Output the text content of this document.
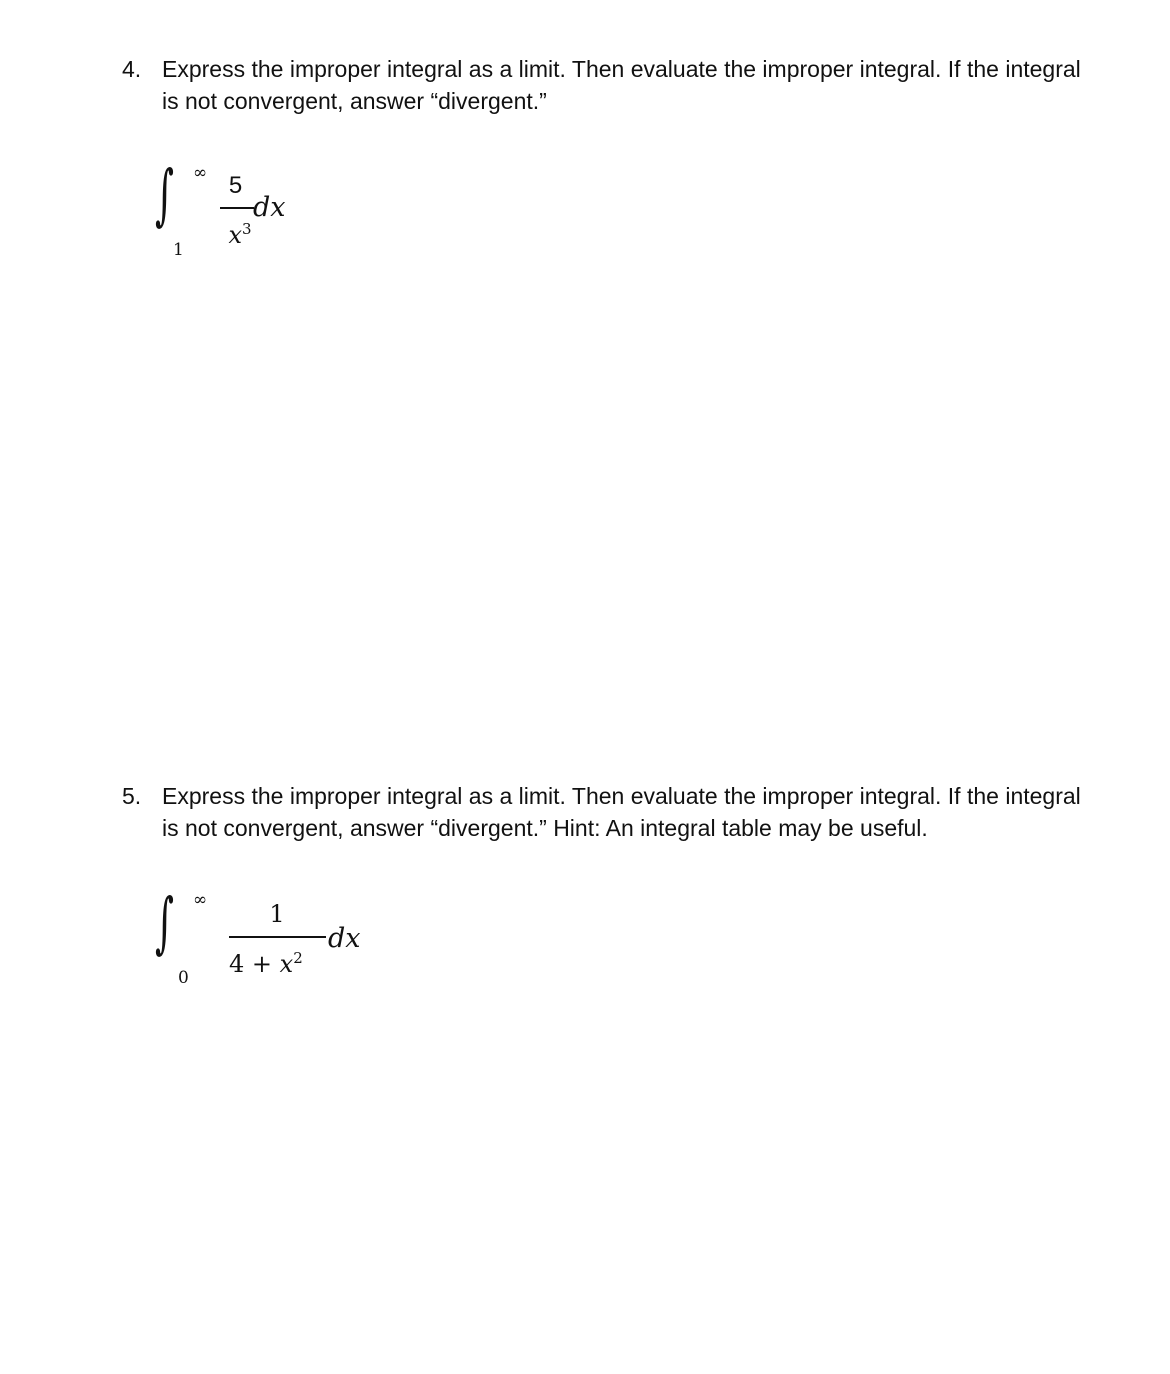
4. Express the improper integral as a limit. Then evaluate the improper integral. If the integral is not convergent, answer “divergent.”
∫ ∞
1
5
$x^3$
dx
5. Express the improper integral as a limit. Then evaluate the improper integral. If the integral is not convergent, answer “divergent.” Hint: An integral table may be useful.
∫ ∞
0
1
$4 + x^2$
dx
